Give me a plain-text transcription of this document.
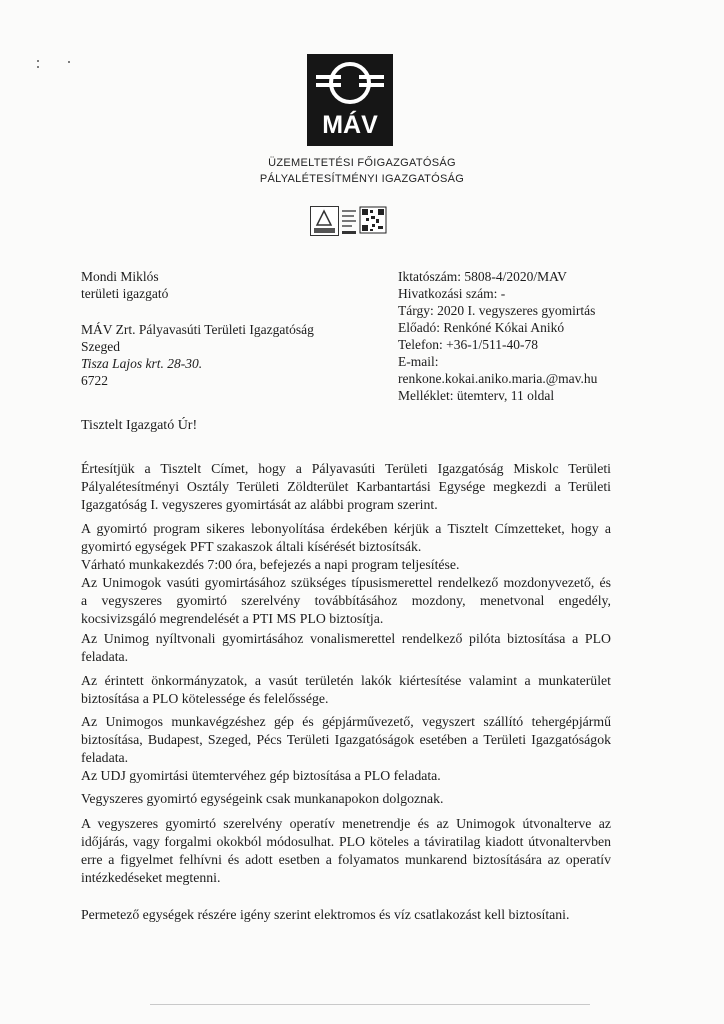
MÁV
ÜZEMELTETÉSI FŐIGAZGATÓSÁG
PÁLYALÉTESÍTMÉNYI IGAZGATÓSÁG
Mondi Miklós
területi igazgató
MÁV Zrt. Pályavasúti Területi Igazgatóság
Szeged
Tisza Lajos krt. 28-30.
6722
Iktatószám: 5808-4/2020/MAV
Hivatkozási szám: -
Tárgy: 2020 I. vegyszeres gyomirtás
Előadó: Renkóné Kókai Anikó
Telefon: +36-1/511-40-78
E-mail:
renkone.kokai.aniko.maria.@mav.hu
Melléklet: ütemterv, 11 oldal
Tisztelt Igazgató Úr!
Értesítjük a Tisztelt Címet, hogy a Pályavasúti Területi Igazgatóság Miskolc Területi
Pályalétesítményi Osztály Területi Zöldterület Karbantartási Egysége megkezdi a Területi
Igazgatóság I. vegyszeres gyomirtását az alábbi program szerint.
A gyomirtó program sikeres lebonyolítása érdekében kérjük a Tisztelt Címzetteket, hogy a
gyomirtó egységek PFT szakaszok általi kísérését biztosítsák.
Várható munkakezdés 7:00 óra, befejezés a napi program teljesítése.
Az Unimogok vasúti gyomirtásához szükséges típusismerettel rendelkező mozdonyvezető, és
a vegyszeres gyomirtó szerelvény továbbításához mozdony, menetvonal engedély,
kocsivizsgáló megrendelését a PTI MS PLO biztosítja.
Az Unimog nyíltvonali gyomirtásához vonalismerettel rendelkező pilóta biztosítása a PLO
feladata.
Az érintett önkormányzatok, a vasút területén lakók kiértesítése valamint a munkaterület
biztosítása a PLO kötelessége és felelőssége.
Az Unimogos munkavégzéshez gép és gépjárművezető, vegyszert szállító tehergépjármű
biztosítása, Budapest, Szeged, Pécs Területi Igazgatóságok esetében a Területi Igazgatóságok
feladata.
Az UDJ gyomirtási ütemtervéhez gép biztosítása a PLO feladata.
Vegyszeres gyomirtó egységeink csak munkanapokon dolgoznak.
A vegyszeres gyomirtó szerelvény operatív menetrendje és az Unimogok útvonalterve az
időjárás, vagy forgalmi okokból módosulhat. PLO köteles a táviratilag kiadott útvonaltervben
erre a figyelmet felhívni és adott esetben a folyamatos munkarend biztosítására az operatív
intézkedéseket megtenni.
Permetező egységek részére igény szerint elektromos és víz csatlakozást kell biztosítani.
